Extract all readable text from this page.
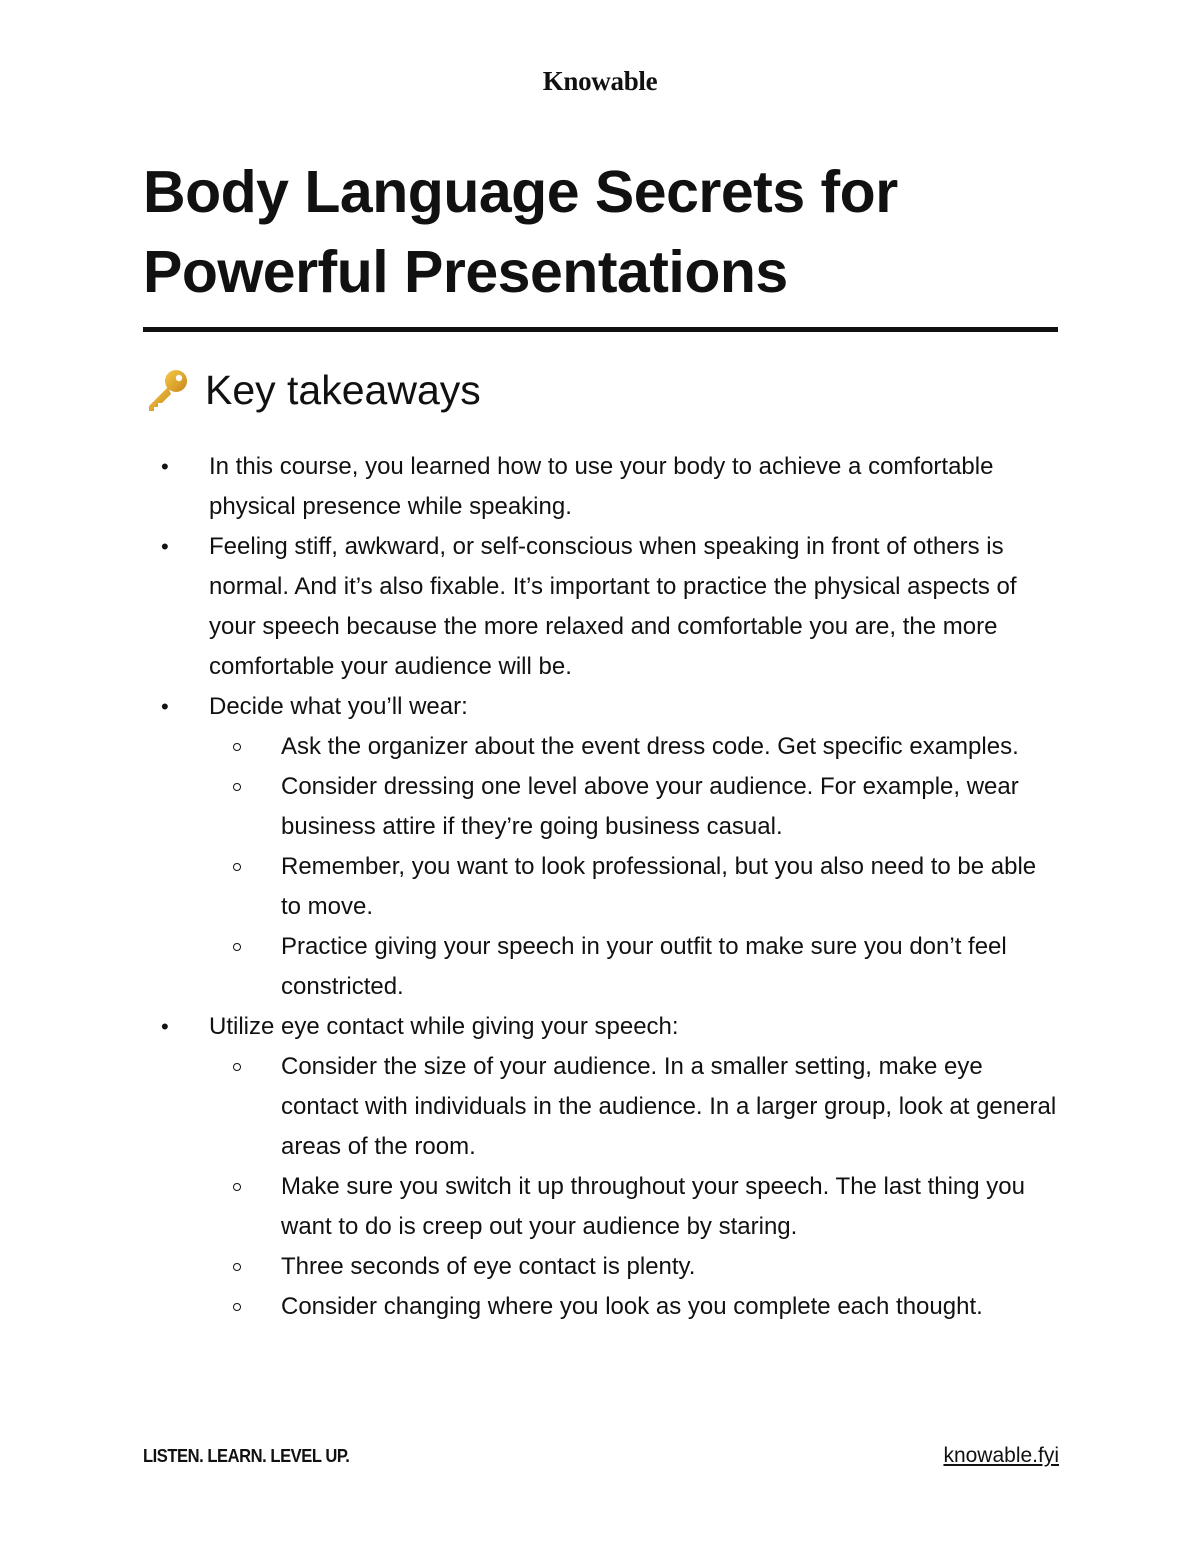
Knowable
Body Language Secrets for Powerful Presentations
Key takeaways
•	In this course, you learned how to use your body to achieve a comfortable physical presence while speaking.
•	Feeling stiff, awkward, or self-conscious when speaking in front of others is normal. And it’s also fixable. It’s important to practice the physical aspects of your speech because the more relaxed and comfortable you are, the more comfortable your audience will be.
•	Decide what you’ll wear:
Ask the organizer about the event dress code. Get specific examples.
Consider dressing one level above your audience. For example, wear business attire if they’re going business casual.
Remember, you want to look professional, but you also need to be able to move.
Practice giving your speech in your outfit to make sure you don’t feel constricted.
•	Utilize eye contact while giving your speech:
Consider the size of your audience. In a smaller setting, make eye contact with individuals in the audience. In a larger group, look at general areas of the room.
Make sure you switch it up throughout your speech. The last thing you want to do is creep out your audience by staring.
Three seconds of eye contact is plenty.
Consider changing where you look as you complete each thought.
LISTEN. LEARN. LEVEL UP.	knowable.fyi
